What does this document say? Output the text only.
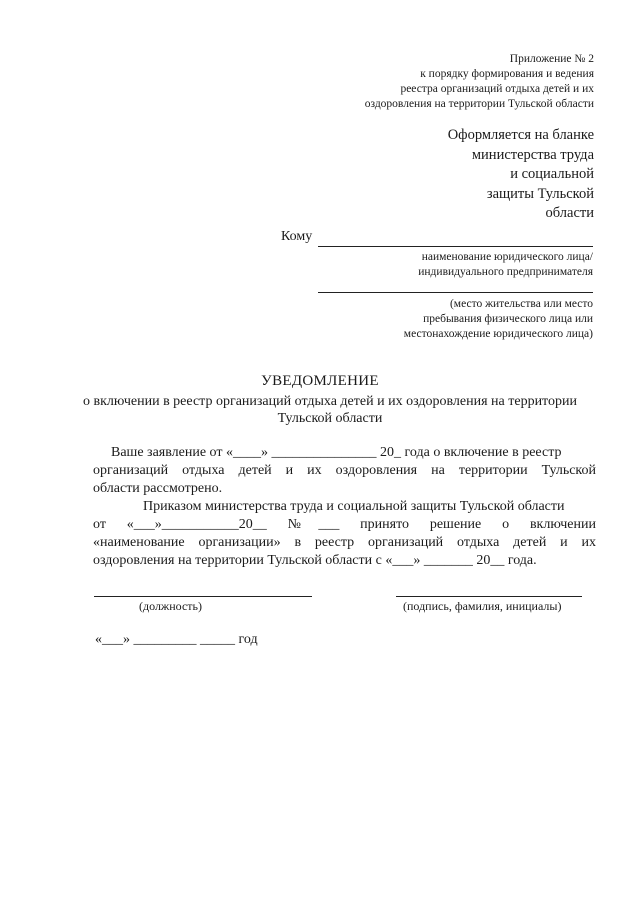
Приложение № 2
к порядку формирования и ведения
реестра организаций отдыха детей и их
оздоровления на территории Тульской области
Оформляется на бланке
министерства труда
и социальной
защиты Тульской
области
Кому
наименование юридического лица/
индивидуального предпринимателя
(место жительства или место
пребывания физического лица или
местонахождение юридического лица)
УВЕДОМЛЕНИЕ
о включении в реестр организаций отдыха детей и их оздоровления на территории Тульской области
Ваше заявление от «____» _______________ 20_ года о включение в реестр
организаций отдыха детей и их оздоровления на территории Тульской
области рассмотрено.
Приказом министерства труда и социальной защиты Тульской области
от «___»___________20__ №___ принято решение о включении
«наименование организации» в реестр организаций отдыха детей и их
оздоровления на территории Тульской области с «___» _______ 20__ года.
(должность)	(подпись, фамилия, инициалы)
«___» _________ _____ год
